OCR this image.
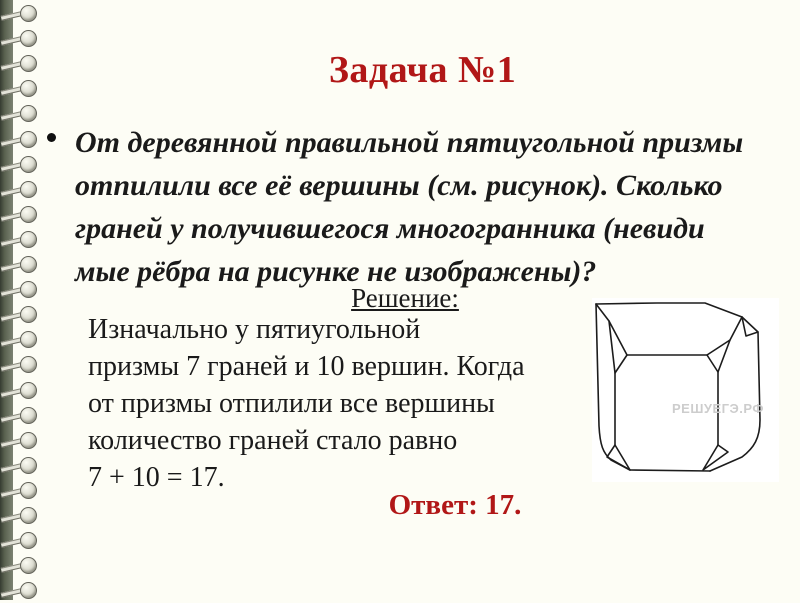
Задача №1
От деревянной правильной пятиугольной призмы
отпилили все её вершины (см. рисунок). Сколько
граней у получившегося многогранника (невиди
мые рёбра на рисунке не изображены)?
Решение:
Изначально у пятиугольной
призмы 7 граней и 10 вершин. Когда
от призмы отпилили все вершины
количество граней стало равно
7 + 10 = 17.
Ответ: 17.
РЕШУЕГЭ.РФ
